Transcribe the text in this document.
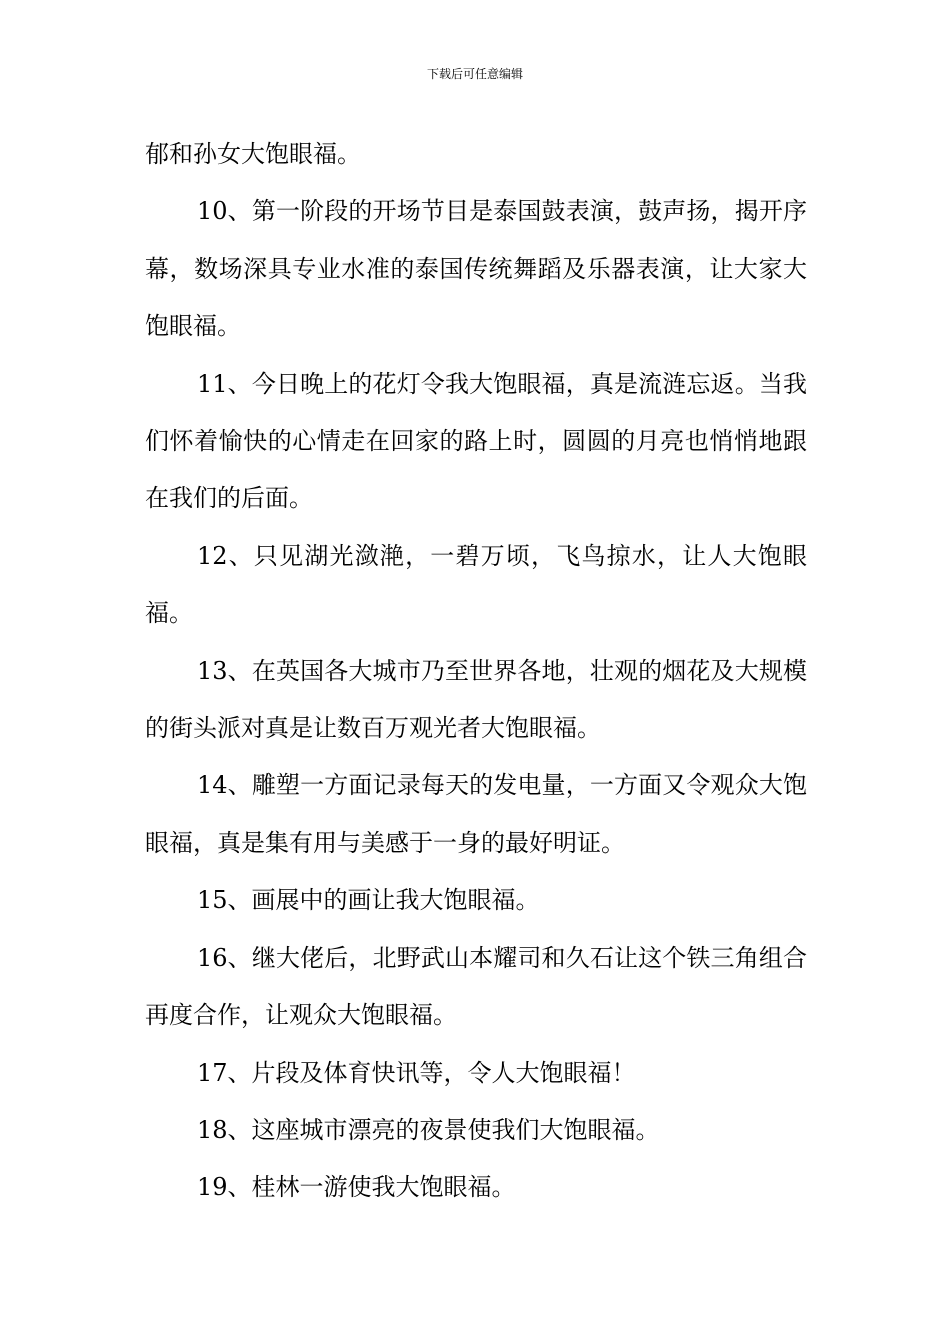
下载后可任意编辑

郁和孙女大饱眼福。

10、第一阶段的开场节目是泰国鼓表演，鼓声扬，揭开序幕，数场深具专业水准的泰国传统舞蹈及乐器表演，让大家大饱眼福。

11、今日晚上的花灯令我大饱眼福，真是流涟忘返。当我们怀着愉快的心情走在回家的路上时，圆圆的月亮也悄悄地跟在我们的后面。

12、只见湖光潋滟，一碧万顷，飞鸟掠水，让人大饱眼福。

13、在英国各大城市乃至世界各地，壮观的烟花及大规模的街头派对真是让数百万观光者大饱眼福。

14、雕塑一方面记录每天的发电量，一方面又令观众大饱眼福，真是集有用与美感于一身的最好明证。

15、画展中的画让我大饱眼福。

16、继大佬后，北野武山本耀司和久石让这个铁三角组合再度合作，让观众大饱眼福。

17、片段及体育快讯等，令人大饱眼福！

18、这座城市漂亮的夜景使我们大饱眼福。

19、桂林一游使我大饱眼福。
